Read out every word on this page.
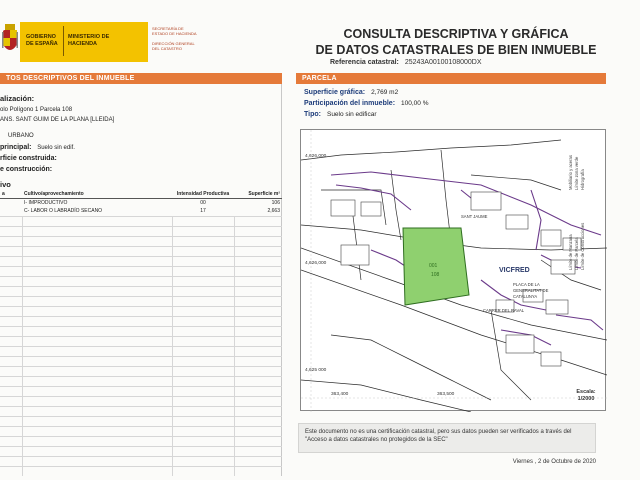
GOBIERNO DE ESPAÑA
MINISTERIO DE HACIENDA
SECRETARÍA DE ESTADO DE HACIENDA
DIRECCIÓN GENERAL DEL CATASTRO
CONSULTA DESCRIPTIVA Y GRÁFICA
DE DATOS CATASTRALES DE BIEN INMUEBLE
Referencia catastral: 25243A00100108000DX
TOS DESCRIPTIVOS DEL INMUEBLE
alización:
olo Polígono 1 Parcela 108
ANS. SANT GUIM DE LA PLANA [LLEIDA]
URBANO
principal: Suelo sin edif.
rficie construida:
e construcción:
ivo
a	Cultivo/aprovechamiento	Intensidad Productiva	Superficie m²
	I- IMPRODUCTIVO	00	106
	C- LABOR O LABRADÍO SECANO	17	2,663
PARCELA
Superficie gráfica: 2,769 m2
Participación del inmueble: 100,00 %
Tipo: Suelo sin edificar
4,626,000
4,626,000
4,625 000
363,400	363,500
001
108
VICFRED
PLACA DE LA GENERALITAT DE CATALUNYA
CARRER DEL RAVAL
SANT JAUME
Límite de Manzana Límite de Parcela Límite de Construcciones
Mobiliario y aceras Límite zona verde Hidrografía
Escala:
1/2000
Este documento no es una certificación catastral, pero sus datos pueden ser verificados a través del "Acceso a datos catastrales no protegidos de la SEC"
Viernes , 2 de Octubre de 2020
